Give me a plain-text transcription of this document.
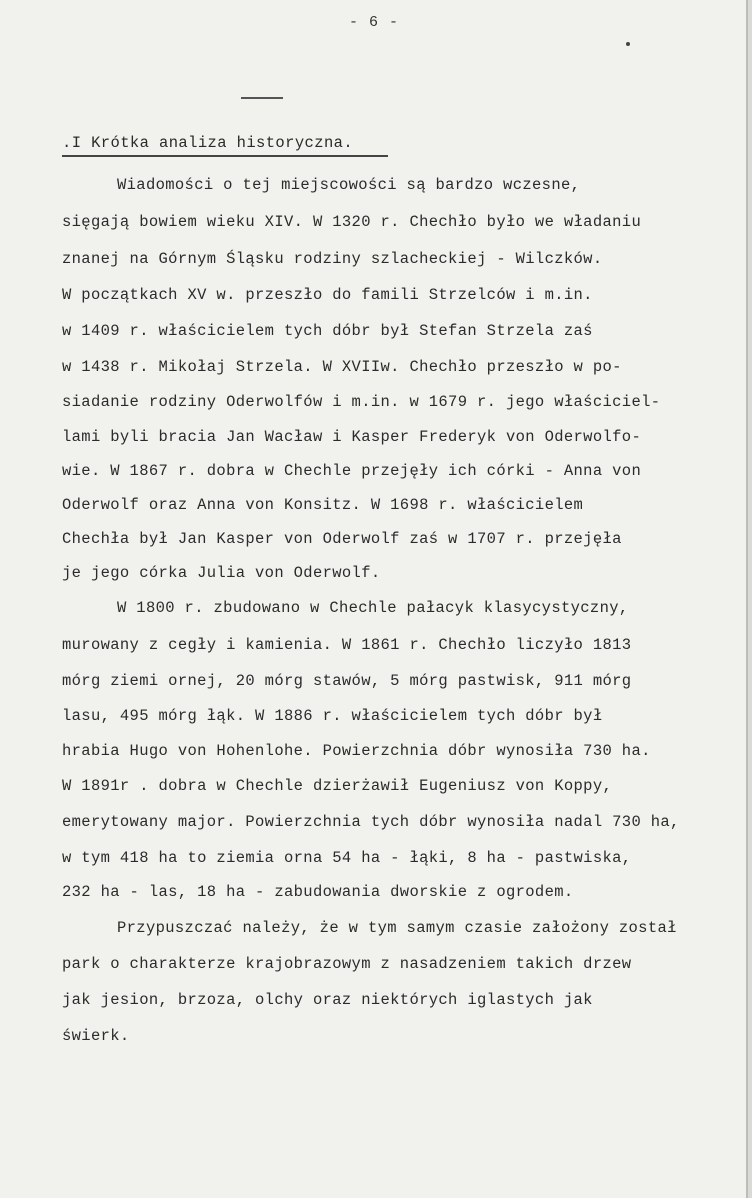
- 6 -
.I Krótka analiza historyczna.
Wiadomości o tej miejscowości są bardzo wczesne,
sięgają bowiem wieku XIV. W 1320 r. Chechło było we władaniu
znanej na Górnym Śląsku rodziny szlacheckiej - Wilczków.
W początkach XV w. przeszło do famili Strzelców i m.in.
w 1409 r. właścicielem tych dóbr był Stefan Strzela zaś
w 1438 r. Mikołaj Strzela. W XVIIw. Chechło przeszło w po-
siadanie rodziny Oderwolfów i m.in. w 1679 r. jego właściciel-
lami byli bracia Jan Wacław i Kasper Frederyk von Oderwolfo-
wie. W 1867 r. dobra w Chechle przejęły ich córki - Anna von
Oderwolf oraz Anna von Konsitz. W 1698 r. właścicielem
Chechła był Jan Kasper von Oderwolf zaś w 1707 r. przejęła
je jego córka Julia von Oderwolf.
W 1800 r. zbudowano w Chechle pałacyk klasycystyczny,
murowany z cegły i kamienia. W 1861 r. Chechło liczyło 1813
mórg ziemi ornej, 20 mórg stawów, 5 mórg pastwisk, 911 mórg
lasu, 495 mórg łąk. W 1886 r. właścicielem tych dóbr był
hrabia Hugo von Hohenlohe. Powierzchnia dóbr wynosiła 730 ha.
W 1891r . dobra w Chechle dzierżawił Eugeniusz von Koppy,
emerytowany major. Powierzchnia tych dóbr wynosiła nadal 730 ha,
w tym 418 ha to ziemia orna 54 ha - łąki, 8 ha - pastwiska,
232 ha - las, 18 ha - zabudowania dworskie z ogrodem.
Przypuszczać należy, że w tym samym czasie założony został
park o charakterze krajobrazowym z nasadzeniem takich drzew
jak jesion, brzoza, olchy oraz niektórych iglastych jak
świerk.
